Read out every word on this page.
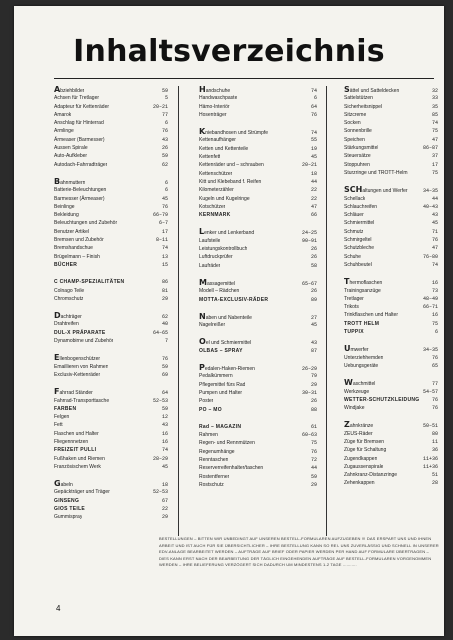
Inhaltsverzeichnis
Abziehbilder	59
Achsen für Tretlager	5
Adapteur für Kettenräder	20–21
Amarok	77
Anschlag für Hinterrad	6
Armlinge	76
Ärmeaser (Barmesser)	43
Aussen Spirale	26
Auto-Aufkleber	59
Autodach-Fahrradträger	62
Bahnmuttern	6
Batterie-Beleuchtungen	6
Barmesser (Ärmeaser)	45
Beinlinge	76
Bekleidung	66–79
Beleuchtungen und Zubehör	6–7
Benutzer Artikel	17
Bremsen und Zubehör	8–11
Bremshandschue	74
Brügelmann – Finish	13
BÜCHER	15
C CHAMP-SPEZIALITÄTEN	86
Colnago Teile	81
Chromschutz	29
Dachträger	62
Drahtreifen	40
DUL-X PRÄPARATE	64–65
Dynamobirne und Zubehör	7
Ellenbogenschützer	76
Emaillieren von Rahmen	59
Exclusiv-Kettenräder	69
Fahrrad Ständer	64
Fahrrad-Transporttasche	52–53
FARBEN	59
Felgen	12
Fett	43
Flaschen und Halter	16
Fliegennnetzen	16
FREIZEIT PULLI	74
Fußhaken und Riemen	28–29
Französischem Werk	45
Gabeln	18
Gepäckträger und Träger	52–53
GINSENG	67
GIOS TEILE	22
Gummispray	29
Handschuhe	74
Handwaschpaste	6
Hämo-Interiör	64
Hosenträger	76
Kniebandhosen und Strümpfe	74
Kettenaufhänger	55
Ketten und Kettenteile	19
Kettenfett	45
Kettenräder und – schrauben	20–21
Kettenschützer	18
Kitt und Klebeband f. Reifen	44
Kilometerzähler	22
Kugeln und Kugelringe	22
Kotschützer	47
KERNMARK	66
Lenker und Lenkerband	24–25
Laufsteile	90–91
Leistungskontrollbuch	26
Luftdruckprüfer	26
Laufräder	58
Massagemittel	65–67
Modell – Rädchen	26
MOTTA-EXCLUSIV-RÄDER	89
Naben und Nabenteile	27
Nagelreißer	45
Oel und Schmiermittel	43
OLBAS – SPRAY	87
Pedalen-Haken-Riemen	26–29
Pedalkümmern	79
Pflegemittel fürs Rad	29
Pumpen und Halter	30–31
Poster	26
PO – MO	88
Rad – MAGAZIN	61
Rahmen	60–63
Regen- und Rennmützen	75
Regenumhänge	76
Renntaschen	72
Reserverreifenhalter/taschen	44
Rostentferner	59
Rostschutz	29
Sättel und Satteldecken	32
Sattelstützen	33
Sicherheitsnippel	35
Sitzcreme	85
Socken	74
Sonnenbrille	75
Speichen	47
Stärkungsmittel	86–87
Steuersätze	37
Stoppuhren	17
Sturzringe und TROTT-Helm	75
SCHaltungen und Werfer	34–35
Schellack	44
Schlauchreifen	40–43
Schläuer	43
Schmiermittel	45
Schmutz	71
Schmirgeltel	76
Schutzbleche	47
Schuhe	76–80
Schuhbeutel	74
Thermoflaschen	16
Trainingsanzüge	73
Tretlager	48–49
Trikots	66–71
Trinkflaschen und Halter	16
TROTT HELM	75
TUPPIX	6
Umwerfer	34–35
Unterziehhemden	76
Uebungsgeräte	65
Waschmittel	77
Werkzeuge	54–57
WETTER-SCHUTZKLEIDUNG	76
Windjake	76
Zahnkränze	50–51
ZEUS-Räder	80
Züge für Bremsen	11
Züge für Schaltung	36
Zugendkappen	11+36
Zugaussenspirale	11+36
Zahnkranz-Distanzringe	51
Zehenkappen	28
BESTELLUNGEN – BITTEN WIR UNBEDINGT AUF UNSEREN BESTELL-FORMULAREN AUFZUGEBEN !!! DAS ERSPART UNS UND IHNEN ARBEIT UND IST AUCH FÜR SIE ÜBERSICHTLICHER – IHRE BESTELLUNG KANN SO REI- UNS ZUVERLÄSSIG UND SCHNELL IN UNSERER EDV-ANLAGE BEARBEITET WERDEN – AUFTRÄGE AUF BRIEF ODER PAPIER WERDEN PER HAND AUF FORMULARE ÜBERTRAGEN – DIES KANN ERST NACH DER BEARBEITUNG DER TÄGLICH EINGEHENDEN AUFTRÄGE AUF BESTELL-FORMULAREN VORGENOMMEN WERDEN – IHRE BELIEFERUNG VERZÖGERT SICH DADURCH UM MINDESTENS 1-2 TAGE ...........
4
